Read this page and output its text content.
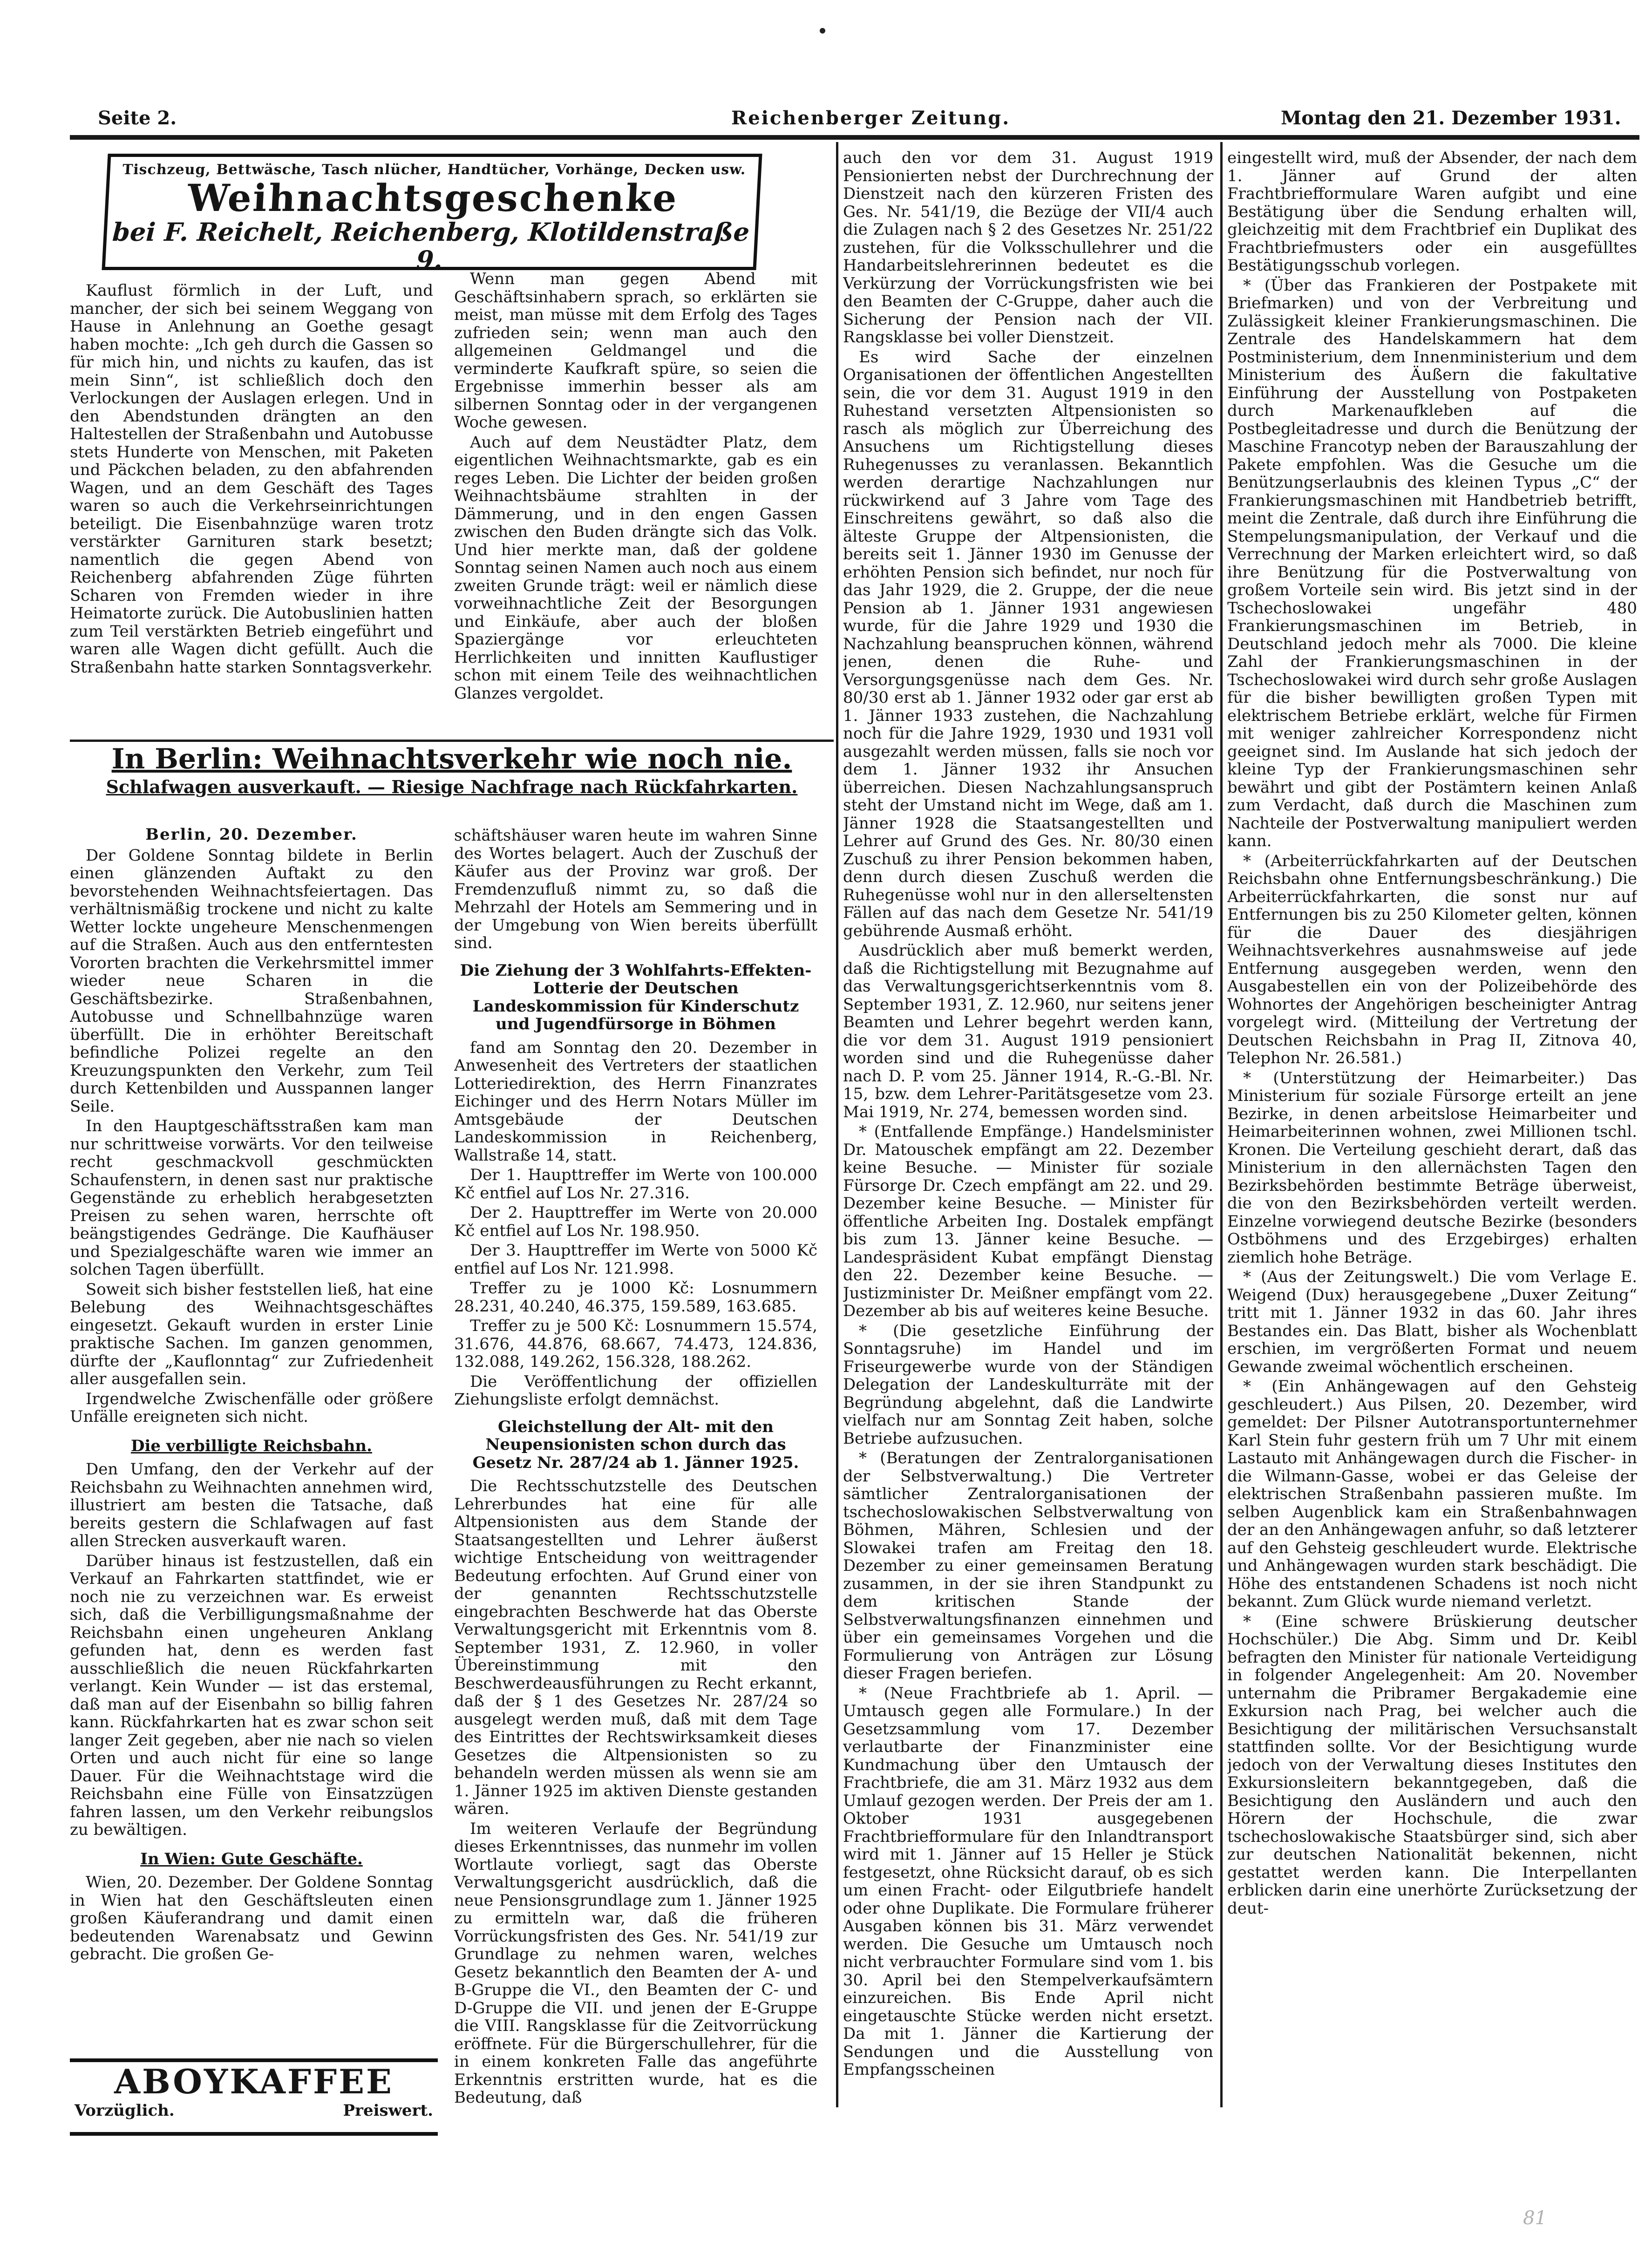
Seite 2.	Reichenberger Zeitung.	Montag den 21. Dezember 1931.
Tischzeug, Bettwäsche, Tasch nlücher, Handtücher, Vorhänge, Decken usw.
Weihnachtsgeschenke
bei F. Reichelt, Reichenberg, Klotildenstraße 9.

Kauflust förmlich in der Luft, und mancher, der sich bei seinem Weggang von Hause in Anlehnung an Goethe gesagt haben mochte: „Ich geh durch die Gassen so für mich hin, und nichts zu kaufen, das ist mein Sinn“, ist schließlich doch den Verlockungen der Auslagen erlegen. Und in den Abendstunden drängten an den Haltestellen der Straßenbahn und Autobusse stets Hunderte von Menschen, mit Paketen und Päckchen beladen, zu den abfahrenden Wagen, und an dem Geschäft des Tages waren so auch die Verkehrseinrichtungen beteiligt. Die Eisenbahnzüge waren trotz verstärkter Garnituren stark besetzt; namentlich die gegen Abend von Reichenberg abfahrenden Züge führten Scharen von Fremden wieder in ihre Heimatorte zurück. Die Autobuslinien hatten zum Teil verstärkten Betrieb eingeführt und waren alle Wagen dicht gefüllt. Auch die Straßenbahn hatte starken Sonntagsverkehr.

Wenn man gegen Abend mit Geschäftsinhabern sprach, so erklärten sie meist, man müsse mit dem Erfolg des Tages zufrieden sein; wenn man auch den allgemeinen Geldmangel und die verminderte Kaufkraft spüre, so seien die Ergebnisse immerhin besser als am silbernen Sonntag oder in der vergangenen Woche gewesen.

Auch auf dem Neustädter Platz, dem eigentlichen Weihnachtsmarkte, gab es ein reges Leben. Die Lichter der beiden großen Weihnachtsbäume strahlten in der Dämmerung, und in den engen Gassen zwischen den Buden drängte sich das Volk. Und hier merkte man, daß der goldene Sonntag seinen Namen auch noch aus einem zweiten Grunde trägt: weil er nämlich diese vorweihnachtliche Zeit der Besorgungen und Einkäufe, aber auch der bloßen Spaziergänge vor erleuchteten Herrlichkeiten und innitten Kauflustiger schon mit einem Teile des weihnachtlichen Glanzes vergoldet.

In Berlin: Weihnachtsverkehr wie noch nie.
Schlafwagen ausverkauft. — Riesige Nachfrage nach Rückfahrkarten.
Berlin, 20. Dezember.

Der Goldene Sonntag bildete in Berlin einen glänzenden Auftakt zu den bevorstehenden Weihnachtsfeiertagen. Das verhältnismäßig trockene und nicht zu kalte Wetter lockte ungeheure Menschenmengen auf die Straßen. Auch aus den entferntesten Vororten brachten die Verkehrsmittel immer wieder neue Scharen in die Geschäftsbezirke. Straßenbahnen, Autobusse und Schnellbahnzüge waren überfüllt. Die in erhöhter Bereitschaft befindliche Polizei regelte an den Kreuzungspunkten den Verkehr, zum Teil durch Kettenbilden und Ausspannen langer Seile.

In den Hauptgeschäftsstraßen kam man nur schrittweise vorwärts. Vor den teilweise recht geschmackvoll geschmückten Schaufenstern, in denen sast nur praktische Gegenstände zu erheblich herabgesetzten Preisen zu sehen waren, herrschte oft beängstigendes Gedränge. Die Kaufhäuser und Spezialgeschäfte waren wie immer an solchen Tagen überfüllt.

Soweit sich bisher feststellen ließ, hat eine Belebung des Weihnachtsgeschäftes eingesetzt. Gekauft wurden in erster Linie praktische Sachen. Im ganzen genommen, dürfte der „Kauflonntag“ zur Zufriedenheit aller ausgefallen sein.

Irgendwelche Zwischenfälle oder größere Unfälle ereigneten sich nicht.

Die verbilligte Reichsbahn.

Den Umfang, den der Verkehr auf der Reichsbahn zu Weihnachten annehmen wird, illustriert am besten die Tatsache, daß bereits gestern die Schlafwagen auf fast allen Strecken ausverkauft waren.

Darüber hinaus ist festzustellen, daß ein Verkauf an Fahrkarten stattfindet, wie er noch nie zu verzeichnen war. Es erweist sich, daß die Verbilligungsmaßnahme der Reichsbahn einen ungeheuren Anklang gefunden hat, denn es werden fast ausschließlich die neuen Rückfahrkarten verlangt. Kein Wunder — ist das erstemal, daß man auf der Eisenbahn so billig fahren kann. Rückfahrkarten hat es zwar schon seit langer Zeit gegeben, aber nie nach so vielen Orten und auch nicht für eine so lange Dauer. Für die Weihnachtstage wird die Reichsbahn eine Fülle von Einsatzzügen fahren lassen, um den Verkehr reibungslos zu bewältigen.

In Wien: Gute Geschäfte.

Wien, 20. Dezember. Der Goldene Sonntag in Wien hat den Geschäftsleuten einen großen Käuferandrang und damit einen bedeutenden Warenabsatz und Gewinn gebracht. Die großen Ge-

schäftshäuser waren heute im wahren Sinne des Wortes belagert. Auch der Zuschuß der Käufer aus der Provinz war groß. Der Fremdenzufluß nimmt zu, so daß die Mehrzahl der Hotels am Semmering und in der Umgebung von Wien bereits überfüllt sind.

Die Ziehung der 3 Wohlfahrts-Effekten-Lotterie der Deutschen Landeskommission für Kinderschutz und Jugendfürsorge in Böhmen

fand am Sonntag den 20. Dezember in Anwesenheit des Vertreters der staatlichen Lotteriedirektion, des Herrn Finanzrates Eichinger und des Herrn Notars Müller im Amtsgebäude der Deutschen Landeskommission in Reichenberg, Wallstraße 14, statt.

Der 1. Haupttreffer im Werte von 100.000 Kč entfiel auf Los Nr. 27.316.

Der 2. Haupttreffer im Werte von 20.000 Kč entfiel auf Los Nr. 198.950.

Der 3. Haupttreffer im Werte von 5000 Kč entfiel auf Los Nr. 121.998.

Treffer zu je 1000 Kč: Losnummern 28.231, 40.240, 46.375, 159.589, 163.685.

Treffer zu je 500 Kč: Losnummern 15.574, 31.676, 44.876, 68.667, 74.473, 124.836, 132.088, 149.262, 156.328, 188.262.

Die Veröffentlichung der offiziellen Ziehungsliste erfolgt demnächst.

Gleichstellung der Alt- mit den Neupensionisten schon durch das Gesetz Nr. 287/24 ab 1. Jänner 1925.

Die Rechtsschutzstelle des Deutschen Lehrerbundes hat eine für alle Altpensionisten aus dem Stande der Staatsangestellten und Lehrer äußerst wichtige Entscheidung von weittragender Bedeutung erfochten. Auf Grund einer von der genannten Rechtsschutzstelle eingebrachten Beschwerde hat das Oberste Verwaltungsgericht mit Erkenntnis vom 8. September 1931, Z. 12.960, in voller Übereinstimmung mit den Beschwerdeausführungen zu Recht erkannt, daß der § 1 des Gesetzes Nr. 287/24 so ausgelegt werden muß, daß mit dem Tage des Eintrittes der Rechtswirksamkeit dieses Gesetzes die Altpensionisten so zu behandeln werden müssen als wenn sie am 1. Jänner 1925 im aktiven Dienste gestanden wären.

Im weiteren Verlaufe der Begründung dieses Erkenntnisses, das nunmehr im vollen Wortlaute vorliegt, sagt das Oberste Verwaltungsgericht ausdrücklich, daß die neue Pensionsgrundlage zum 1. Jänner 1925 zu ermitteln war, daß die früheren Vorrückungsfristen des Ges. Nr. 541/19 zur Grundlage zu nehmen waren, welches Gesetz bekanntlich den Beamten der A- und B-Gruppe die VI., den Beamten der C- und D-Gruppe die VII. und jenen der E-Gruppe die VIII. Rangsklasse für die Zeitvorrückung eröffnete. Für die Bürgerschullehrer, für die in einem konkreten Falle das angeführte Erkenntnis erstritten wurde, hat es die Bedeutung, daß

auch den vor dem 31. August 1919 Pensionierten nebst der Durchrechnung der Dienstzeit nach den kürzeren Fristen des Ges. Nr. 541/19, die Bezüge der VII/4 auch die Zulagen nach § 2 des Gesetzes Nr. 251/22 zustehen, für die Volksschullehrer und die Handarbeitslehrerinnen bedeutet es die Verkürzung der Vorrückungsfristen wie bei den Beamten der C-Gruppe, daher auch die Sicherung der Pension nach der VII. Rangsklasse bei voller Dienstzeit.

Es wird Sache der einzelnen Organisationen der öffentlichen Angestellten sein, die vor dem 31. August 1919 in den Ruhestand versetzten Altpensionisten so rasch als möglich zur Überreichung des Ansuchens um Richtigstellung dieses Ruhegenusses zu veranlassen. Bekanntlich werden derartige Nachzahlungen nur rückwirkend auf 3 Jahre vom Tage des Einschreitens gewährt, so daß also die älteste Gruppe der Altpensionisten, die bereits seit 1. Jänner 1930 im Genusse der erhöhten Pension sich befindet, nur noch für das Jahr 1929, die 2. Gruppe, der die neue Pension ab 1. Jänner 1931 angewiesen wurde, für die Jahre 1929 und 1930 die Nachzahlung beanspruchen können, während jenen, denen die Ruhe- und Versorgungsgenüsse nach dem Ges. Nr. 80/30 erst ab 1. Jänner 1932 oder gar erst ab 1. Jänner 1933 zustehen, die Nachzahlung noch für die Jahre 1929, 1930 und 1931 voll ausgezahlt werden müssen, falls sie noch vor dem 1. Jänner 1932 ihr Ansuchen überreichen. Diesen Nachzahlungsanspruch steht der Umstand nicht im Wege, daß am 1. Jänner 1928 die Staatsangestellten und Lehrer auf Grund des Ges. Nr. 80/30 einen Zuschuß zu ihrer Pension bekommen haben, denn durch diesen Zuschuß werden die Ruhegenüsse wohl nur in den allerseltensten Fällen auf das nach dem Gesetze Nr. 541/19 gebührende Ausmaß erhöht.

Ausdrücklich aber muß bemerkt werden, daß die Richtigstellung mit Bezugnahme auf das Verwaltungsgerichtserkenntnis vom 8. September 1931, Z. 12.960, nur seitens jener Beamten und Lehrer begehrt werden kann, die vor dem 31. August 1919 pensioniert worden sind und die Ruhegenüsse daher nach D. P. vom 25. Jänner 1914, R.-G.-Bl. Nr. 15, bzw. dem Lehrer-Paritätsgesetze vom 23. Mai 1919, Nr. 274, bemessen worden sind.

* (Entfallende Empfänge.) Handelsminister Dr. Matouschek empfängt am 22. Dezember keine Besuche. — Minister für soziale Fürsorge Dr. Czech empfängt am 22. und 29. Dezember keine Besuche. — Minister für öffentliche Arbeiten Ing. Dostalek empfängt bis zum 13. Jänner keine Besuche. — Landespräsident Kubat empfängt Dienstag den 22. Dezember keine Besuche. — Justizminister Dr. Meißner empfängt vom 22. Dezember ab bis auf weiteres keine Besuche.

* (Die gesetzliche Einführung der Sonntagsruhe) im Handel und im Friseurgewerbe wurde von der Ständigen Delegation der Landeskulturräte mit der Begründung abgelehnt, daß die Landwirte vielfach nur am Sonntag Zeit haben, solche Betriebe aufzusuchen.

* (Beratungen der Zentralorganisationen der Selbstverwaltung.) Die Vertreter sämtlicher Zentralorganisationen der tschechoslowakischen Selbstverwaltung von Böhmen, Mähren, Schlesien und der Slowakei trafen am Freitag den 18. Dezember zu einer gemeinsamen Beratung zusammen, in der sie ihren Standpunkt zu dem kritischen Stande der Selbstverwaltungsfinanzen einnehmen und über ein gemeinsames Vorgehen und die Formulierung von Anträgen zur Lösung dieser Fragen beriefen.

* (Neue Frachtbriefe ab 1. April. — Umtausch gegen alle Formulare.) In der Gesetzsammlung vom 17. Dezember verlautbarte der Finanzminister eine Kundmachung über den Umtausch der Frachtbriefe, die am 31. März 1932 aus dem Umlauf gezogen werden. Der Preis der am 1. Oktober 1931 ausgegebenen Frachtbriefformulare für den Inlandtransport wird mit 1. Jänner auf 15 Heller je Stück festgesetzt, ohne Rücksicht darauf, ob es sich um einen Fracht- oder Eilgutbriefe handelt oder ohne Duplikate. Die Formulare früherer Ausgaben können bis 31. März verwendet werden. Die Gesuche um Umtausch noch nicht verbrauchter Formulare sind vom 1. bis 30. April bei den Stempelverkaufsämtern einzureichen. Bis Ende April nicht eingetauschte Stücke werden nicht ersetzt. Da mit 1. Jänner die Kartierung der Sendungen und die Ausstellung von Empfangsscheinen

eingestellt wird, muß der Absender, der nach dem 1. Jänner auf Grund der alten Frachtbriefformulare Waren aufgibt und eine Bestätigung über die Sendung erhalten will, gleichzeitig mit dem Frachtbrief ein Duplikat des Frachtbriefmusters oder ein ausgefülltes Bestätigungsschub vorlegen.

* (Über das Frankieren der Postpakete mit Briefmarken) und von der Verbreitung und Zulässigkeit kleiner Frankierungsmaschinen. Die Zentrale des Handelskammern hat dem Postministerium, dem Innenministerium und dem Ministerium des Äußern die fakultative Einführung der Ausstellung von Postpaketen durch Markenaufkleben auf die Postbegleitadresse und durch die Benützung der Maschine Francotyp neben der Barauszahlung der Pakete empfohlen. Was die Gesuche um die Benützungserlaubnis des kleinen Typus „C“ der Frankierungsmaschinen mit Handbetrieb betrifft, meint die Zentrale, daß durch ihre Einführung die Stempelungsmanipulation, der Verkauf und die Verrechnung der Marken erleichtert wird, so daß ihre Benützung für die Postverwaltung von großem Vorteile sein wird. Bis jetzt sind in der Tschechoslowakei ungefähr 480 Frankierungsmaschinen im Betrieb, in Deutschland jedoch mehr als 7000. Die kleine Zahl der Frankierungsmaschinen in der Tschechoslowakei wird durch sehr große Auslagen für die bisher bewilligten großen Typen mit elektrischem Betriebe erklärt, welche für Firmen mit weniger zahlreicher Korrespondenz nicht geeignet sind. Im Auslande hat sich jedoch der kleine Typ der Frankierungsmaschinen sehr bewährt und gibt der Postämtern keinen Anlaß zum Verdacht, daß durch die Maschinen zum Nachteile der Postverwaltung manipuliert werden kann.

* (Arbeiterrückfahrkarten auf der Deutschen Reichsbahn ohne Entfernungsbeschränkung.) Die Arbeiterrückfahrkarten, die sonst nur auf Entfernungen bis zu 250 Kilometer gelten, können für die Dauer des diesjährigen Weihnachtsverkehres ausnahmsweise auf jede Entfernung ausgegeben werden, wenn den Ausgabestellen ein von der Polizeibehörde des Wohnortes der Angehörigen bescheinigter Antrag vorgelegt wird. (Mitteilung der Vertretung der Deutschen Reichsbahn in Prag II, Zitnova 40, Telephon Nr. 26.581.)

* (Unterstützung der Heimarbeiter.) Das Ministerium für soziale Fürsorge erteilt an jene Bezirke, in denen arbeitslose Heimarbeiter und Heimarbeiterinnen wohnen, zwei Millionen tschl. Kronen. Die Verteilung geschieht derart, daß das Ministerium in den allernächsten Tagen den Bezirksbehörden bestimmte Beträge überweist, die von den Bezirksbehörden verteilt werden. Einzelne vorwiegend deutsche Bezirke (besonders Ostböhmens und des Erzgebirges) erhalten ziemlich hohe Beträge.

* (Aus der Zeitungswelt.) Die vom Verlage E. Weigend (Dux) herausgegebene „Duxer Zeitung“ tritt mit 1. Jänner 1932 in das 60. Jahr ihres Bestandes ein. Das Blatt, bisher als Wochenblatt erschien, im vergrößerten Format und neuem Gewande zweimal wöchentlich erscheinen.

* (Ein Anhängewagen auf den Gehsteig geschleudert.) Aus Pilsen, 20. Dezember, wird gemeldet: Der Pilsner Autotransportunternehmer Karl Stein fuhr gestern früh um 7 Uhr mit einem Lastauto mit Anhängewagen durch die Fischer- in die Wilmann-Gasse, wobei er das Geleise der elektrischen Straßenbahn passieren mußte. Im selben Augenblick kam ein Straßenbahnwagen der an den Anhängewagen anfuhr, so daß letzterer auf den Gehsteig geschleudert wurde. Elektrische und Anhängewagen wurden stark beschädigt. Die Höhe des entstandenen Schadens ist noch nicht bekannt. Zum Glück wurde niemand verletzt.

* (Eine schwere Brüskierung deutscher Hochschüler.) Die Abg. Simm und Dr. Keibl befragten den Minister für nationale Verteidigung in folgender Angelegenheit: Am 20. November unternahm die Pribramer Bergakademie eine Exkursion nach Prag, bei welcher auch die Besichtigung der militärischen Versuchsanstalt stattfinden sollte. Vor der Besichtigung wurde jedoch von der Verwaltung dieses Institutes den Exkursionsleitern bekanntgegeben, daß die Besichtigung den Ausländern und auch den Hörern der Hochschule, die zwar tschechoslowakische Staatsbürger sind, sich aber zur deutschen Nationalität bekennen, nicht gestattet werden kann. Die Interpellanten erblicken darin eine unerhörte Zurücksetzung der deut-

ABOYKAFFEE
Vorzüglich.	Preiswert.
81
